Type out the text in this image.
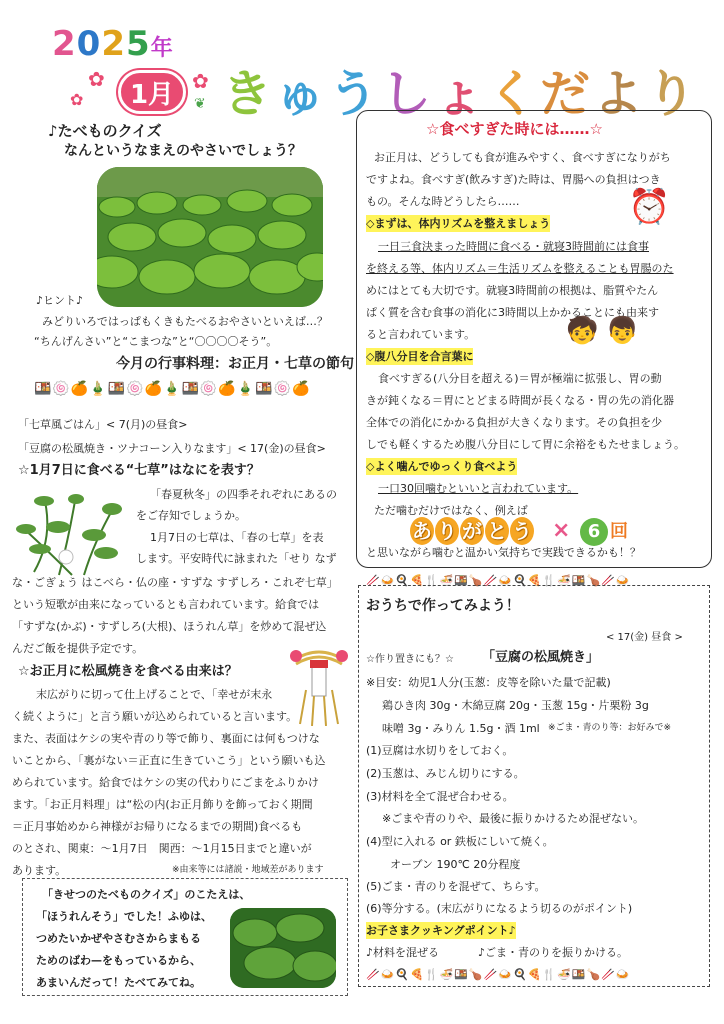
2025年
✿
✿	1月 ✿
❦ きゅうしょくだより
♪たべものクイズ
なんというなまえのやさいでしょう？
♪ヒント♪
みどりいろではっぱもくきもたべるおやさいといえば…？
“ちんげんさい”と“こまつな”と“〇〇〇〇そう”。
今月の行事料理：お正月・七草の節句
🍱🍥🍊🎍🍱🍥🍊🎍🍱🍥🍊🎍🍱🍥🍊
「七草風ごはん」< 7(月)の昼食>
「豆腐の松風焼き・ツナコーン入りなます」< 17(金)の昼食>
☆1月7日に食べる“七草”はなにを表す？
「春夏秋冬」の四季それぞれにあるの
をご存知でしょうか。
1月7日の七草は、「春の七草」を表
します。平安時代に詠まれた「せり なず
な・ごぎょう はこべら・仏の座・すずな すずしろ・これぞ七草」
という短歌が由来になっているとも言われています。給食では
「すずな(かぶ)・すずしろ(大根)、ほうれん草」を炒めて混ぜ込
んだご飯を提供予定です。
☆お正月に松風焼きを食べる由来は？
末広がりに切って仕上げることで、「幸せが末永
く続くように」と言う願いが込められていると言います。
また、表面はケシの実や青のり等で飾り、裏面には何もつけな
いことから、「裏がない＝正直に生きていこう」という願いも込
められています。給食ではケシの実の代わりにごまをふりかけ
ます。「お正月料理」は“松の内(お正月飾りを飾っておく期間
＝正月事始めから神様がお帰りになるまでの期間)食べるも
のとされ、関東：～1月7日　関西：～1月15日までと違いが
あります。	※由来等には諸説・地域差があります
「きせつのたべものクイズ」のこたえは、
「ほうれんそう」でした！ふゆは、
つめたいかぜやさむさからまもる
ためのばわ—をもっているから、
あまいんだって！たべてみてね。
☆食べすぎた時には……☆
お正月は、どうしても食が進みやすく、食べすぎになりがち
ですよね。食べすぎ(飲みすぎ)た時は、胃腸への負担はつき
もの。そんな時どうしたら……	⏰
◇まずは、体内リズムを整えましょう
一日三食決まった時間に食べる・就寝3時間前には食事
を終える等、体内リズム＝生活リズムを整えることも胃腸のた
めにはとても大切です。就寝3時間前の根拠は、脂質やたん
ぱく質を含む食事の消化に3時間以上かかることにも由来す
ると言われています。	🧒 👦
◇腹八分目を合言葉に
食べすぎる(八分目を超える)＝胃が極端に拡張し、胃の動
きが鈍くなる＝胃にとどまる時間が長くなる・胃の先の消化器
全体での消化にかかる負担が大きくなります。その負担を少
しでも軽くするため腹八分目にして胃に余裕をもたせましょう。
◇よく噛んでゆっくり食べよう
一口30回噛むといいと言われています。
ただ噛むだけではなく、例えば
あ り が と う × 6 回
と思いながら噛むと温かい気持ちで実践できるかも！？
🥢🍛🍳🍕🍴🍜🍱🍗🥢🍛🍳🍕🍴🍜🍱🍗🥢🍛
おうちで作ってみよう！
< 17(金) 昼食 >
☆作り置きにも？☆ 「豆腐の松風焼き」
※目安：幼児1人分(玉葱：皮等を除いた量で記載)
鶏ひき肉 30g・木綿豆腐 20g・玉葱 15g・片栗粉 3g
味噌 3g・みりん 1.5g・酒 1ml ※ごま・青のり等：お好みで※
(1)豆腐は水切りをしておく。
(2)玉葱は、みじん切りにする。
(3)材料を全て混ぜ合わせる。
※ごまや青のりや、最後に振りかけるため混ぜない。
(4)型に入れる or 鉄板にしいて焼く。
オーブン 190℃ 20分程度
(5)ごま・青のりを混ぜて、ちらす。
(6)等分する。(末広がりになるよう切るのがポイント)
お子さまクッキングポイント♪
♪材料を混ぜる	♪ごま・青のりを振りかける。
🥢🍛🍳🍕🍴🍜🍱🍗🥢🍛🍳🍕🍴🍜🍱🍗🥢🍛
